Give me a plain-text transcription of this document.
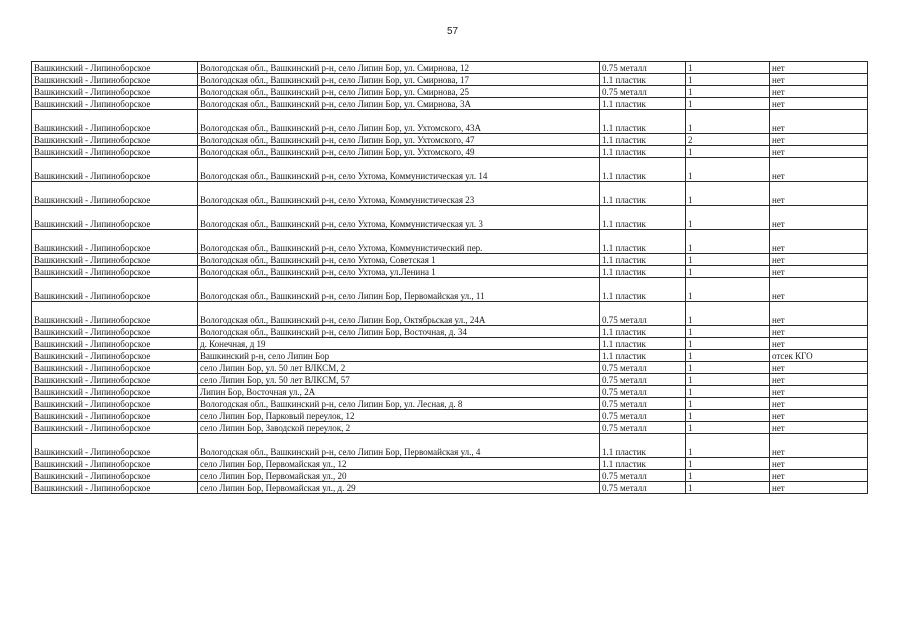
57
Вашкинский - Липиноборское	Вологодская обл., Вашкинский р-н, село Липин Бор, ул. Смирнова, 12	0.75 металл	1	нет
Вашкинский - Липиноборское	Вологодская обл., Вашкинский р-н, село Липин Бор, ул. Смирнова, 17	1.1 пластик	1	нет
Вашкинский - Липиноборское	Вологодская обл., Вашкинский р-н, село Липин Бор, ул. Смирнова, 25	0.75 металл	1	нет
Вашкинский - Липиноборское	Вологодская обл., Вашкинский р-н, село Липин Бор, ул. Смирнова, 3А	1.1 пластик	1	нет
Вашкинский - Липиноборское	Вологодская обл., Вашкинский р-н, село Липин Бор, ул. Ухтомского, 43А	1.1 пластик	1	нет
Вашкинский - Липиноборское	Вологодская обл., Вашкинский р-н, село Липин Бор, ул. Ухтомского, 47	1.1 пластик	2	нет
Вашкинский - Липиноборское	Вологодская обл., Вашкинский р-н, село Липин Бор, ул. Ухтомского, 49	1.1 пластик	1	нет
Вашкинский - Липиноборское	Вологодская обл., Вашкинский р-н, село Ухтома, Коммунистическая ул. 14	1.1 пластик	1	нет
Вашкинский - Липиноборское	Вологодская обл., Вашкинский р-н, село Ухтома, Коммунистическая 23	1.1 пластик	1	нет
Вашкинский - Липиноборское	Вологодская обл., Вашкинский р-н, село Ухтома, Коммунистическая ул. 3	1.1 пластик	1	нет
Вашкинский - Липиноборское	Вологодская обл., Вашкинский р-н, село Ухтома, Коммунистический пер.	1.1 пластик	1	нет
Вашкинский - Липиноборское	Вологодская обл., Вашкинский р-н, село Ухтома, Советская 1	1.1 пластик	1	нет
Вашкинский - Липиноборское	Вологодская обл., Вашкинский р-н, село Ухтома, ул.Ленина 1	1.1 пластик	1	нет
Вашкинский - Липиноборское	Вологодская обл., Вашкинский р-н, село Липин Бор, Первомайская ул., 11	1.1 пластик	1	нет
Вашкинский - Липиноборское	Вологодская обл., Вашкинский р-н, село Липин Бор, Октябрьская ул., 24А	0.75 металл	1	нет
Вашкинский - Липиноборское	Вологодская обл., Вашкинский р-н, село Липин Бор, Восточная, д. 34	1.1 пластик	1	нет
Вашкинский - Липиноборское	д. Конечная, д 19	1.1 пластик	1	нет
Вашкинский - Липиноборское	Вашкинский р-н, село Липин Бор	1.1 пластик	1	отсек КГО
Вашкинский - Липиноборское	село Липин Бор, ул. 50 лет ВЛКСМ, 2	0.75 металл	1	нет
Вашкинский - Липиноборское	село Липин Бор, ул. 50 лет ВЛКСМ, 57	0.75 металл	1	нет
Вашкинский - Липиноборское	Липин Бор, Восточная ул., 2А	0.75 металл	1	нет
Вашкинский - Липиноборское	Вологодская обл., Вашкинский р-н, село Липин Бор, ул. Лесная, д. 8	0.75 металл	1	нет
Вашкинский - Липиноборское	село Липин Бор, Парковый переулок, 12	0.75 металл	1	нет
Вашкинский - Липиноборское	село Липин Бор, Заводской переулок, 2	0.75 металл	1	нет
Вашкинский - Липиноборское	Вологодская обл., Вашкинский р-н, село Липин Бор, Первомайская ул., 4	1.1 пластик	1	нет
Вашкинский - Липиноборское	село Липин Бор, Первомайская ул., 12	1.1 пластик	1	нет
Вашкинский - Липиноборское	село Липин Бор, Первомайская ул., 20	0.75 металл	1	нет
Вашкинский - Липиноборское	село Липин Бор, Первомайская ул., д. 29	0.75 металл	1	нет
